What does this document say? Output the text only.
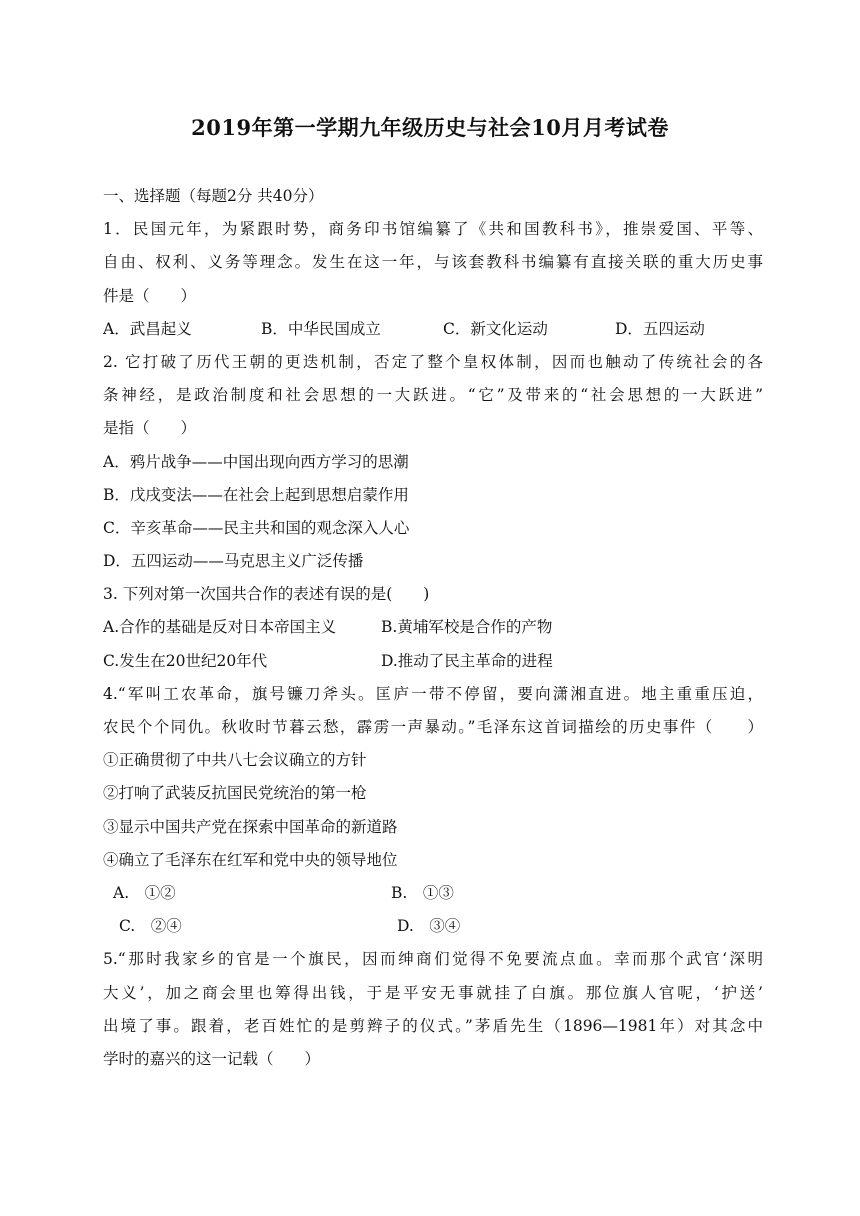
2019年第一学期九年级历史与社会10月月考试卷
一、选择题（每题2分 共40分）
1．民国元年，为紧跟时势，商务印书馆编纂了《共和国教科书》，推崇爱国、平等、
自由、权利、义务等理念。发生在这一年，与该套教科书编纂有直接关联的重大历史事
件是（　　）
A．武昌起义	B．中华民国成立	C．新文化运动	D．五四运动
2. 它打破了历代王朝的更迭机制，否定了整个皇权体制，因而也触动了传统社会的各
条神经，是政治制度和社会思想的一大跃进。“它”及带来的“社会思想的一大跃进”
是指（　　）
A．鸦片战争——中国出现向西方学习的思潮
B．戊戌变法——在社会上起到思想启蒙作用
C．辛亥革命——民主共和国的观念深入人心
D．五四运动——马克思主义广泛传播
3. 下列对第一次国共合作的表述有误的是(　　)
A.合作的基础是反对日本帝国主义	B.黄埔军校是合作的产物
C.发生在20世纪20年代	D.推动了民主革命的进程
4.“军叫工农革命，旗号镰刀斧头。匡庐一带不停留，要向潇湘直进。地主重重压迫，
农民个个同仇。秋收时节暮云愁，霹雳一声暴动。”毛泽东这首词描绘的历史事件（　　）
①正确贯彻了中共八七会议确立的方针
②打响了武装反抗国民党统治的第一枪
③显示中国共产党在探索中国革命的新道路
④确立了毛泽东在红军和党中央的领导地位
A.　①②	B.　①③
C.　②④	D.　③④
5.“那时我家乡的官是一个旗民，因而绅商们觉得不免要流点血。幸而那个武官‘深明
大义’，加之商会里也筹得出钱，于是平安无事就挂了白旗。那位旗人官呢，‘护送’
出境了事。跟着，老百姓忙的是剪辫子的仪式。”茅盾先生（1896—1981年）对其念中
学时的嘉兴的这一记载（　　）
